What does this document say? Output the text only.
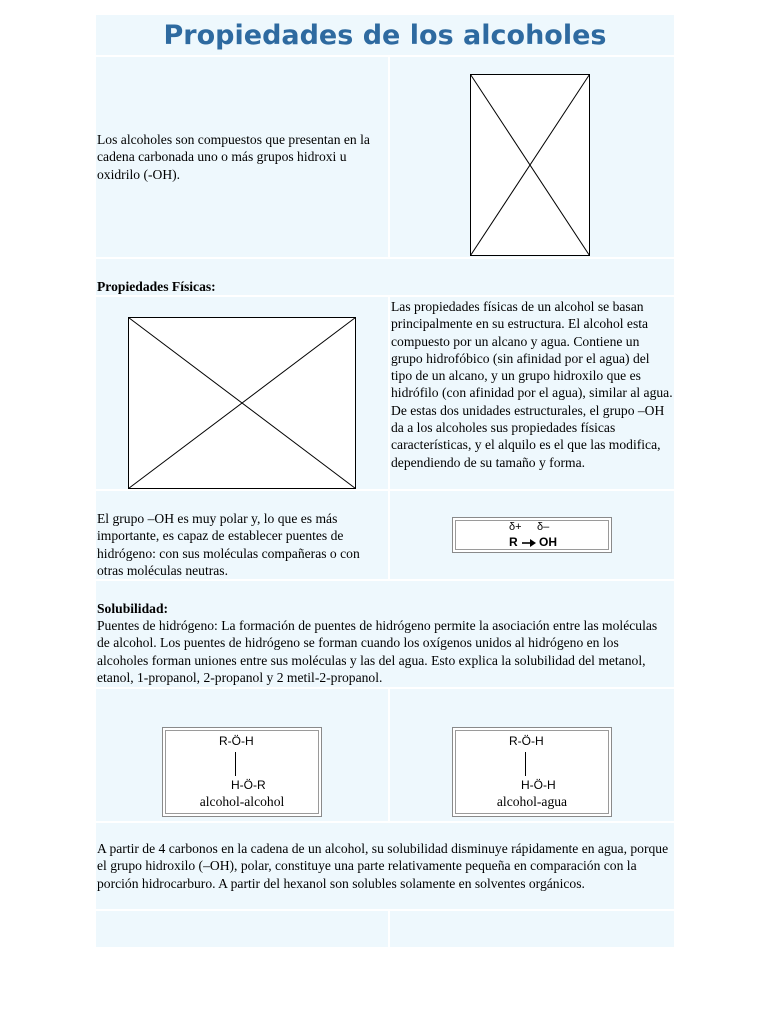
Propiedades de los alcoholes

Los alcoholes son compuestos que presentan en la cadena carbonada uno o más grupos hidroxi u oxidrilo (-OH).

Propiedades Físicas:

Las propiedades físicas de un alcohol se basan principalmente en su estructura. El alcohol esta compuesto por un alcano y agua. Contiene un grupo hidrofóbico (sin afinidad por el agua) del tipo de un alcano, y un grupo hidroxilo que es hidrófilo (con afinidad por el agua), similar al agua. De estas dos unidades estructurales, el grupo –OH da a los alcoholes sus propiedades físicas características, y el alquilo es el que las modifica, dependiendo de su tamaño y forma.

El grupo –OH es muy polar y, lo que es más importante, es capaz de establecer puentes de hidrógeno: con sus moléculas compañeras o con otras moléculas neutras.

δ+ δ–
R OH

Solubilidad:

Puentes de hidrógeno: La formación de puentes de hidrógeno permite la asociación entre las moléculas de alcohol. Los puentes de hidrógeno se forman cuando los oxígenos unidos al hidrógeno en los alcoholes forman uniones entre sus moléculas y las del agua. Esto explica la solubilidad del metanol, etanol, 1-propanol, 2-propanol y 2 metil-2-propanol.

R-Ö-H
H-Ö-R
alcohol-alcohol
R-Ö-H
H-Ö-H
alcohol-agua

A partir de 4 carbonos en la cadena de un alcohol, su solubilidad disminuye rápidamente en agua, porque el grupo hidroxilo (–OH), polar, constituye una parte relativamente pequeña en comparación con la porción hidrocarburo. A partir del hexanol son solubles solamente en solventes orgánicos.
